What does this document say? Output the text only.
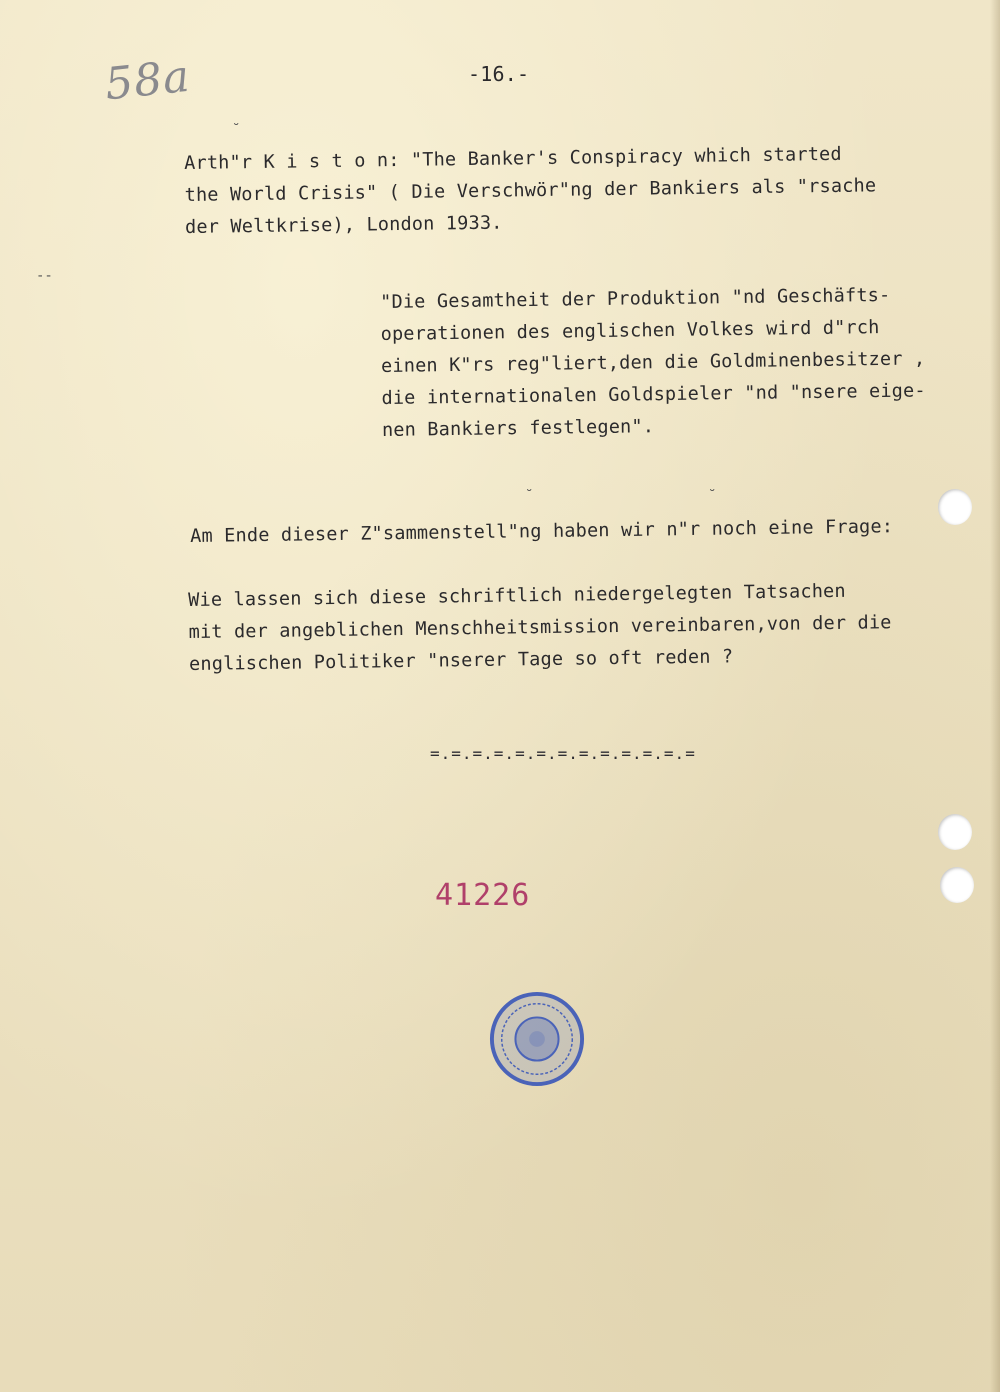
58a	-16.-
Arth"r K i s t o n: "The Banker's Conspiracy which started
the World Crisis" ( Die Verschwör"ng der Bankiers als "rsache
der Weltkrise), London 1933.
"Die Gesamtheit der Produktion "nd Geschäfts-
operationen des englischen Volkes wird d"rch
einen K"rs reg"liert,den die Goldminenbesitzer ,
die internationalen Goldspieler "nd "nsere eige-
nen Bankiers festlegen".
Am Ende dieser Z"sammenstell"ng haben wir n"r noch eine Frage:
Wie lassen sich diese schriftlich niedergelegten Tatsachen
mit der angeblichen Menschheitsmission vereinbaren,von der die
englischen Politiker "nserer Tage so oft reden ?
=.=.=.=.=.=.=.=.=.=.=.=.=
41226
˘
˘	˘
‐‐
